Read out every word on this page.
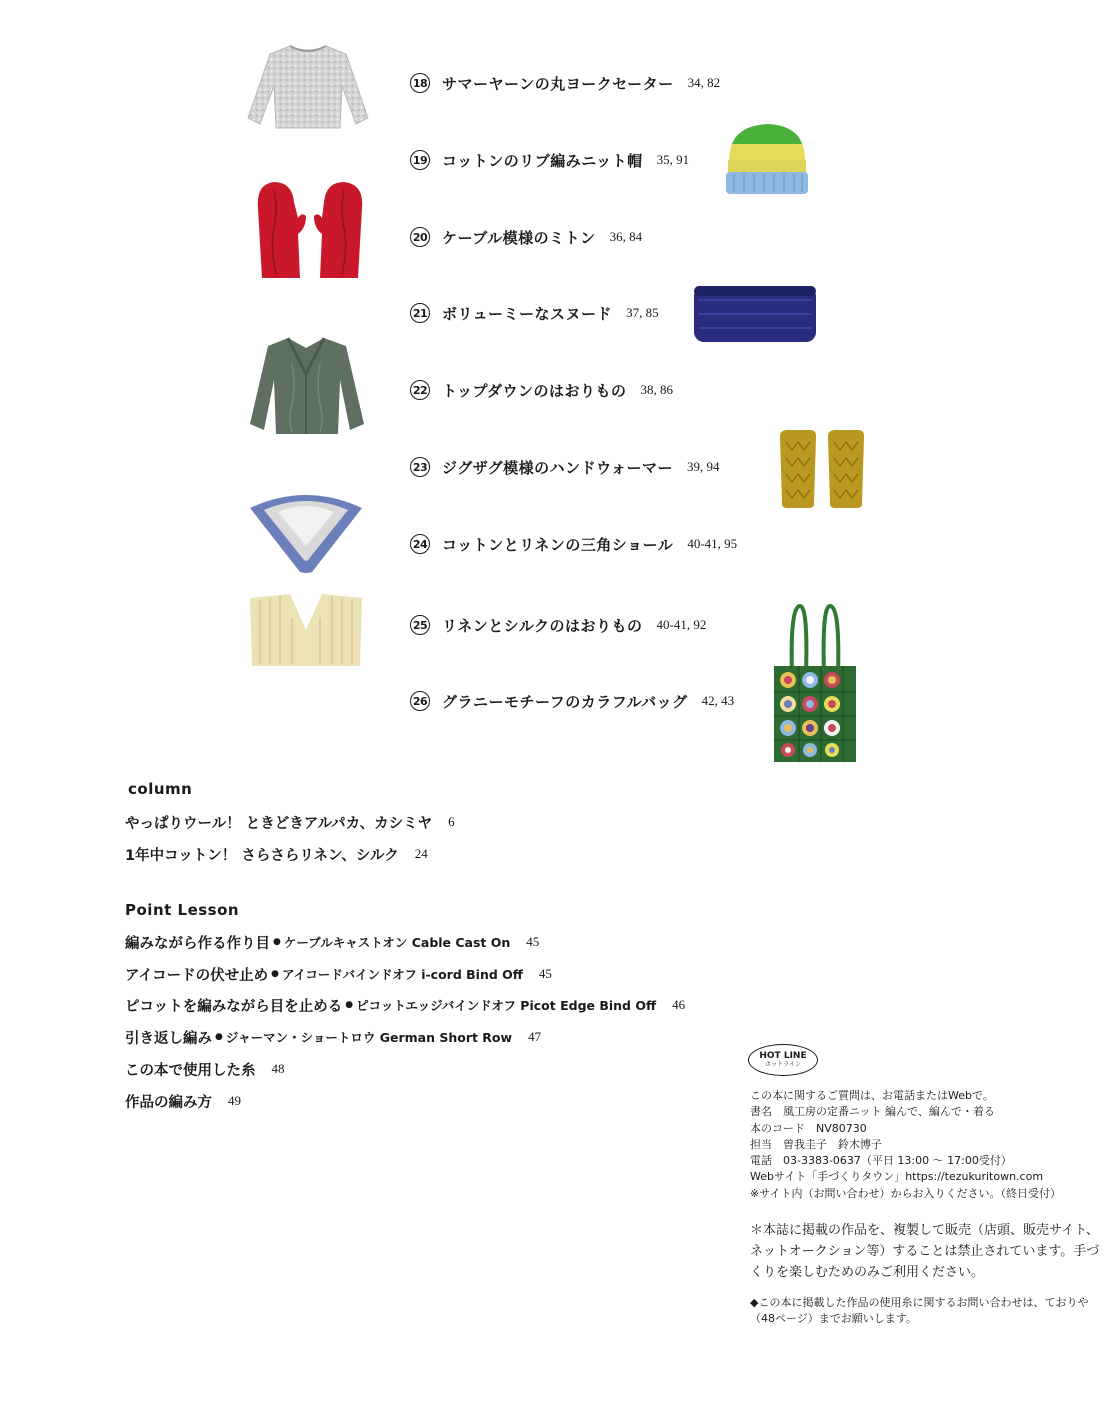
18 サマーヤーンの丸ヨークセーター 34, 82
19 コットンのリブ編みニット帽 35, 91
20 ケーブル模様のミトン 36, 84
21 ボリューミーなスヌード 37, 85
22 トップダウンのはおりもの 38, 86
23 ジグザグ模様のハンドウォーマー 39, 94
24 コットンとリネンの三角ショール 40-41, 95
25 リネンとシルクのはおりもの 40-41, 92
26 グラニーモチーフのカラフルバッグ 42, 43
column
やっぱりウール！ ときどきアルパカ、カシミヤ 6
1年中コットン！ さらさらリネン、シルク 24
Point Lesson
編みながら作る作り目 ● ケーブルキャストオン Cable Cast On 45
アイコードの伏せ止め ● アイコードバインドオフ i-cord Bind Off 45
ピコットを編みながら目を止める ● ピコットエッジバインドオフ Picot Edge Bind Off 46
引き返し編み ● ジャーマン・ショートロウ German Short Row 47
この本で使用した糸 48
作品の編み方 49
HOT LINE
ホットライン
この本に関するご質問は、お電話またはWebで。
書名　風工房の定番ニット 編んで、編んで・着る
本のコード　NV80730
担当　曽我圭子　鈴木博子
電話　03-3383-0637（平日 13:00 ～ 17:00受付）
Webサイト「手づくりタウン」https://tezukuritown.com
※サイト内（お問い合わせ）からお入りください。（終日受付）
＊本誌に掲載の作品を、複製して販売（店頭、販売サイト、ネットオークション等）することは禁止されています。手づくりを楽しむためのみご利用ください。
◆この本に掲載した作品の使用糸に関するお問い合わせは、ておりや（48ページ）までお願いします。
